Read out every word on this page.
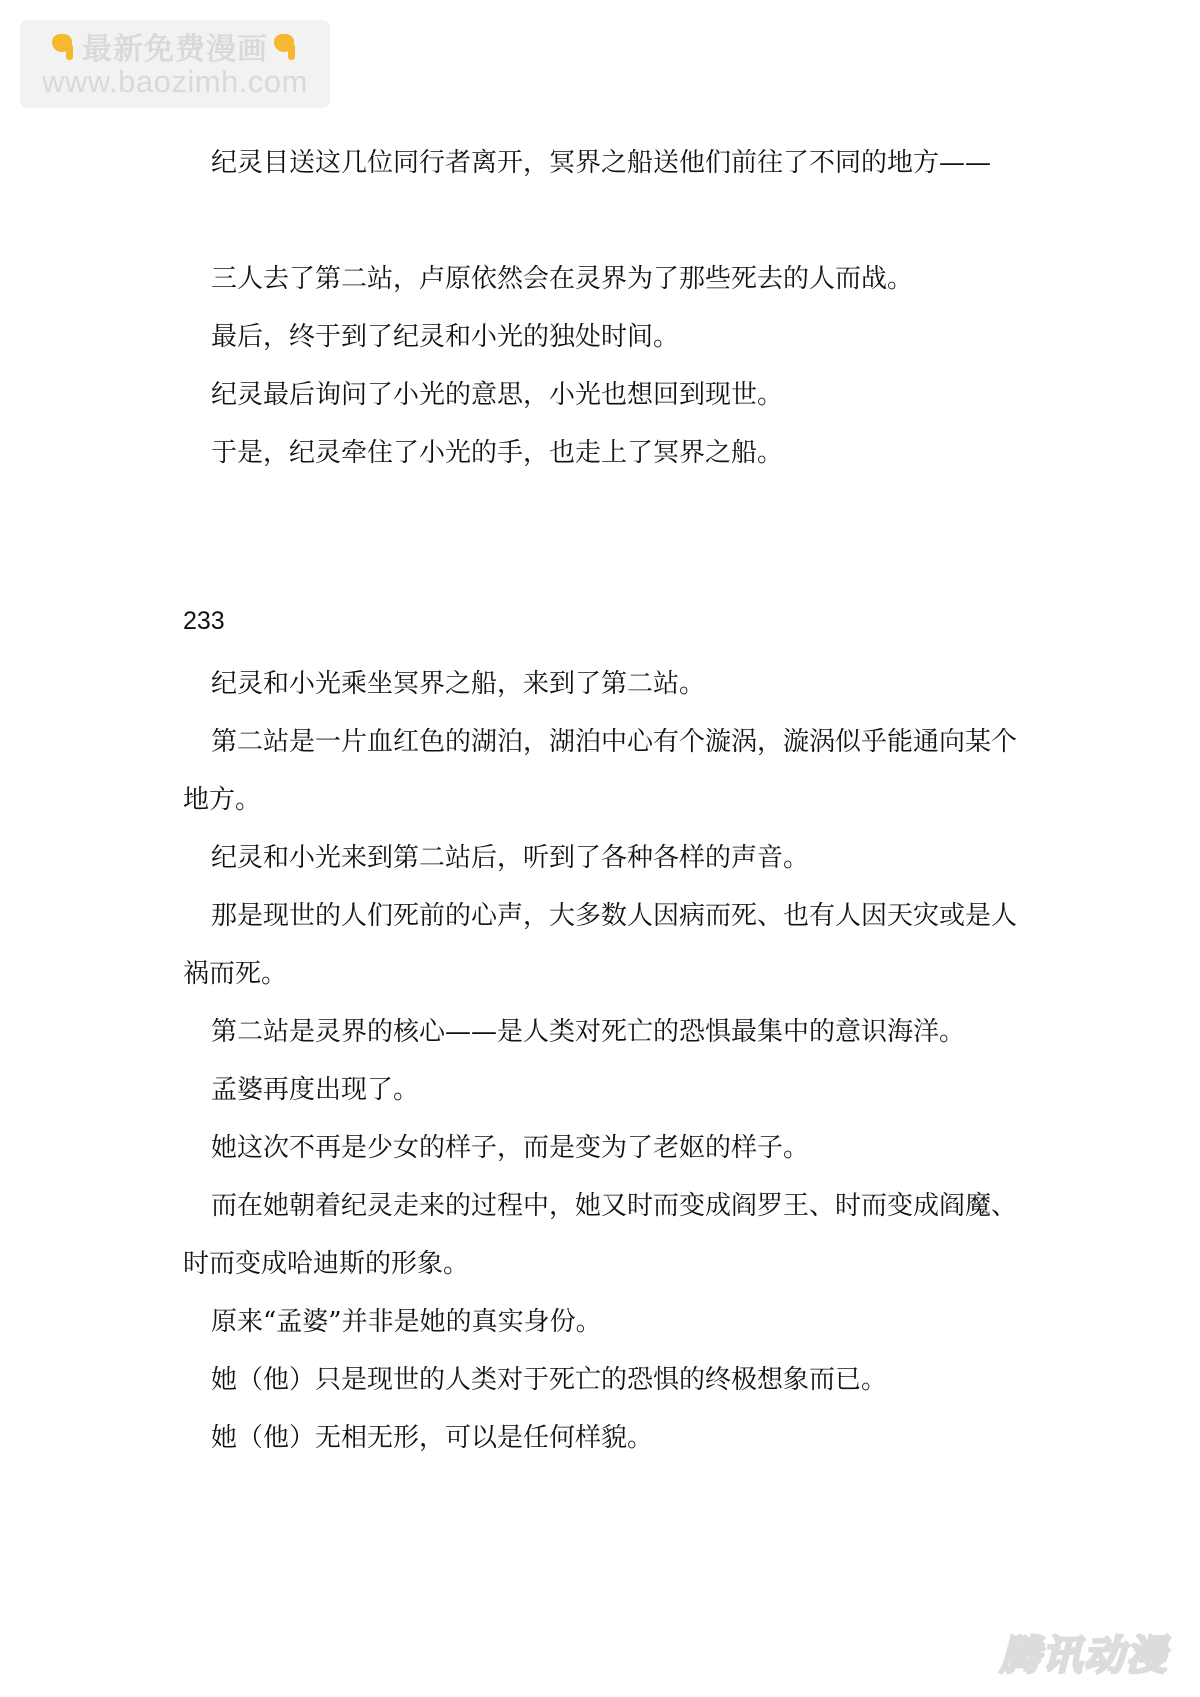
最新免费漫画
www.baozimh.com

纪灵目送这几位同行者离开，冥界之船送他们前往了不同的地方——

三人去了第二站，卢原依然会在灵界为了那些死去的人而战。

最后，终于到了纪灵和小光的独处时间。

纪灵最后询问了小光的意思，小光也想回到现世。

于是，纪灵牵住了小光的手，也走上了冥界之船。

233

纪灵和小光乘坐冥界之船，来到了第二站。

第二站是一片血红色的湖泊，湖泊中心有个漩涡，漩涡似乎能通向某个地方。

纪灵和小光来到第二站后，听到了各种各样的声音。

那是现世的人们死前的心声，大多数人因病而死、也有人因天灾或是人祸而死。

第二站是灵界的核心——是人类对死亡的恐惧最集中的意识海洋。

孟婆再度出现了。

她这次不再是少女的样子，而是变为了老妪的样子。

而在她朝着纪灵走来的过程中，她又时而变成阎罗王、时而变成阎魔、时而变成哈迪斯的形象。

原来“孟婆”并非是她的真实身份。

她（他）只是现世的人类对于死亡的恐惧的终极想象而已。

她（他）无相无形，可以是任何样貌。

腾讯动漫
